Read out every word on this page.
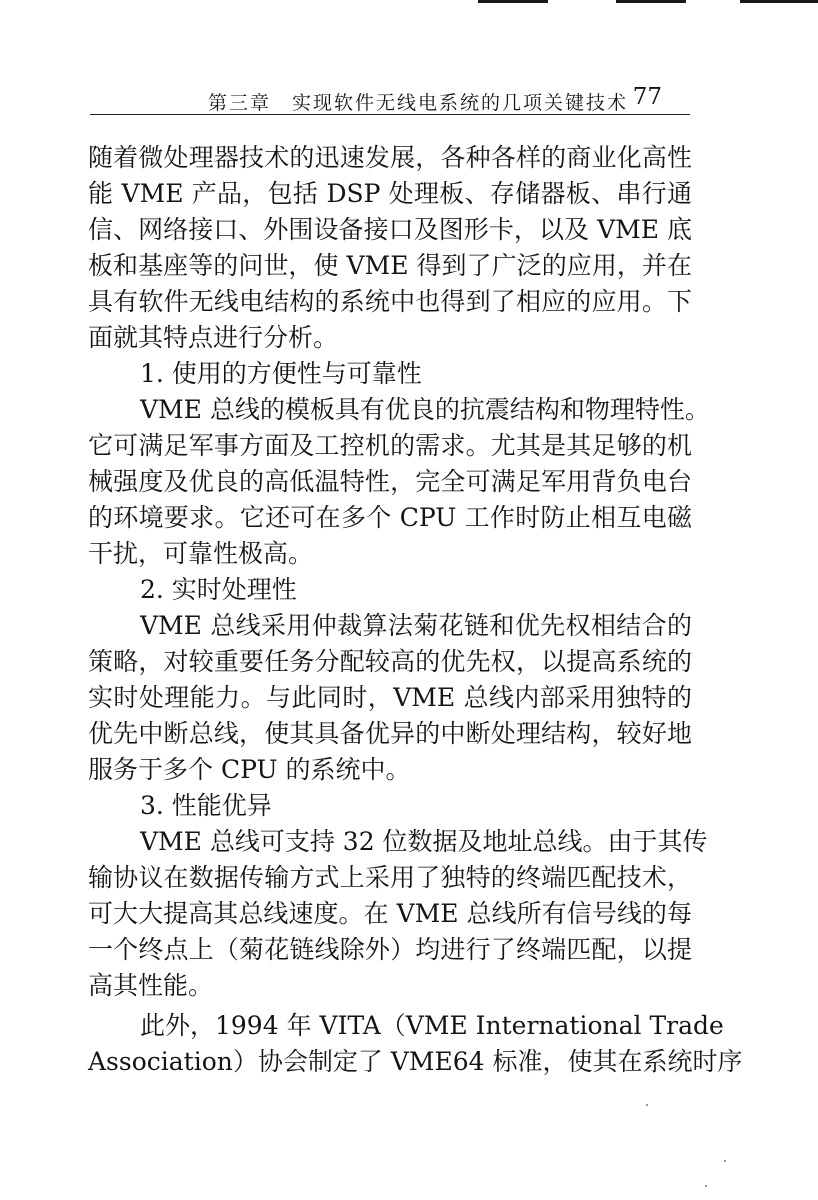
第三章　实现软件无线电系统的几项关键技术 77
随着微处理器技术的迅速发展，各种各样的商业化高性
能 VME 产品，包括 DSP 处理板、存储器板、串行通
信、网络接口、外围设备接口及图形卡，以及 VME 底
板和基座等的问世，使 VME 得到了广泛的应用，并在
具有软件无线电结构的系统中也得到了相应的应用。下
面就其特点进行分析。
1. 使用的方便性与可靠性
VME 总线的模板具有优良的抗震结构和物理特性。
它可满足军事方面及工控机的需求。尤其是其足够的机
械强度及优良的高低温特性，完全可满足军用背负电台
的环境要求。它还可在多个 CPU 工作时防止相互电磁
干扰，可靠性极高。
2. 实时处理性
VME 总线采用仲裁算法菊花链和优先权相结合的
策略，对较重要任务分配较高的优先权，以提高系统的
实时处理能力。与此同时，VME 总线内部采用独特的
优先中断总线，使其具备优异的中断处理结构，较好地
服务于多个 CPU 的系统中。
3. 性能优异
VME 总线可支持 32 位数据及地址总线。由于其传
输协议在数据传输方式上采用了独特的终端匹配技术，
可大大提高其总线速度。在 VME 总线所有信号线的每
一个终点上（菊花链线除外）均进行了终端匹配，以提
高其性能。
此外，1994 年 VITA（VME International Trade
Association）协会制定了 VME64 标准，使其在系统时序
